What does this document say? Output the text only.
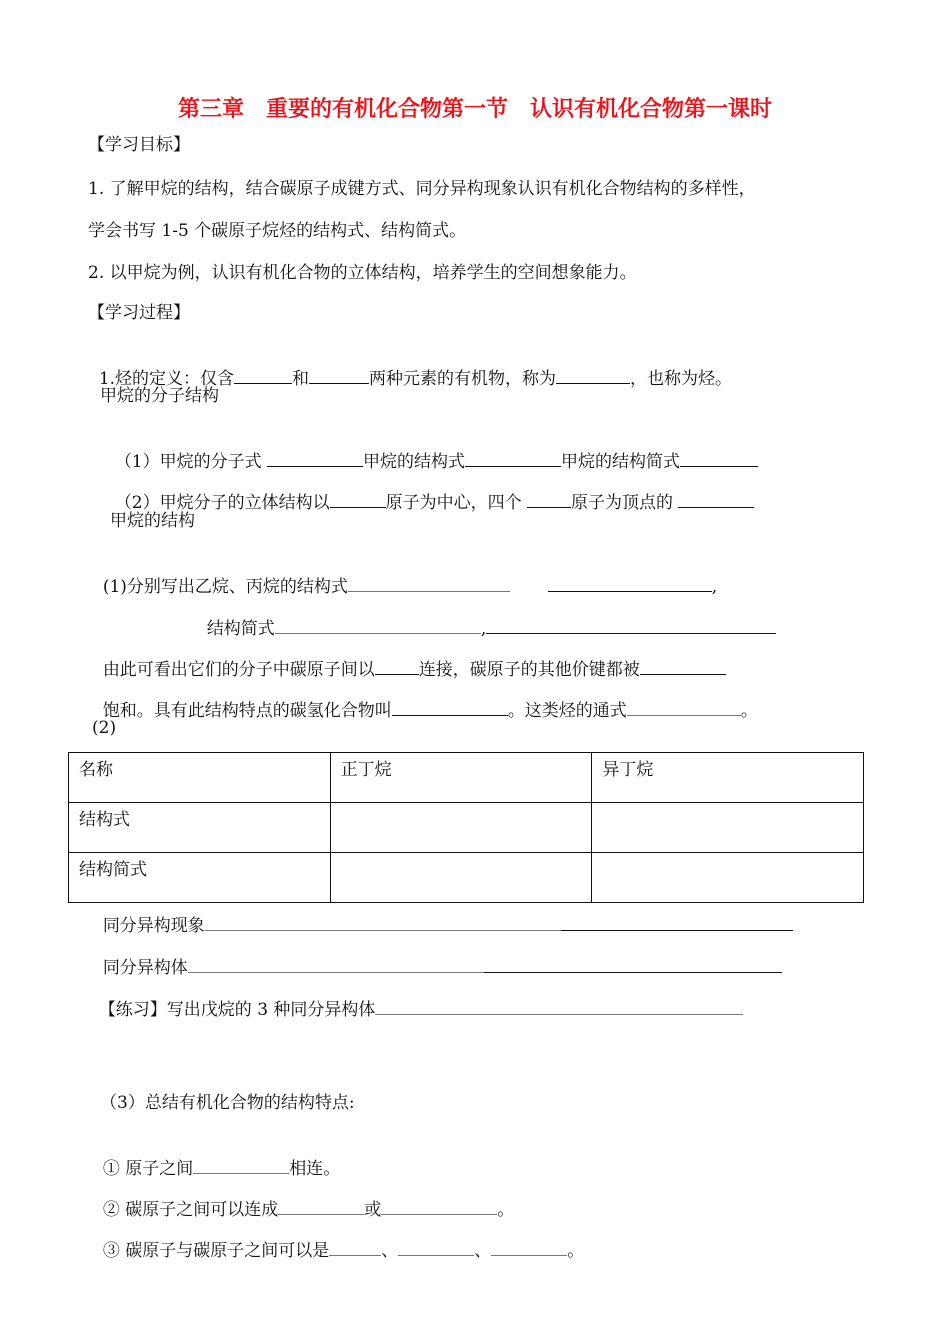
第三章　重要的有机化合物第一节　认识有机化合物第一课时
【学习目标】
1. 了解甲烷的结构，结合碳原子成键方式、同分异构现象认识有机化合物结构的多样性，
学会书写 1-5 个碳原子烷烃的结构式、结构简式。
2. 以甲烷为例，认识有机化合物的立体结构，培养学生的空间想象能力。
【学习过程】

1.烃的定义：仅含	和	两种元素的有机物，称为	，也称为烃。

甲烷的分子结构

（1）甲烷的分子式	甲烷的结构式	甲烷的结构简式

（2）甲烷分子的立体结构以	原子为中心，四个	原子为顶点的

甲烷的结构

(1)分别写出乙烷、丙烷的结构式	,

结构简式	,

由此可看出它们的分子中碳原子间以	连接，碳原子的其他价键都被

饱和。具有此结构特点的碳氢化合物叫	。这类烃的通式	。

(2)
名称	正丁烷	异丁烷
结构式		
结构简式		

同分异构现象

同分异构体

【练习】写出戊烷的 3 种同分异构体

（3）总结有机化合物的结构特点:

① 原子之间	相连。

② 碳原子之间可以连成	或	。

③ 碳原子与碳原子之间可以是	、	、	。
